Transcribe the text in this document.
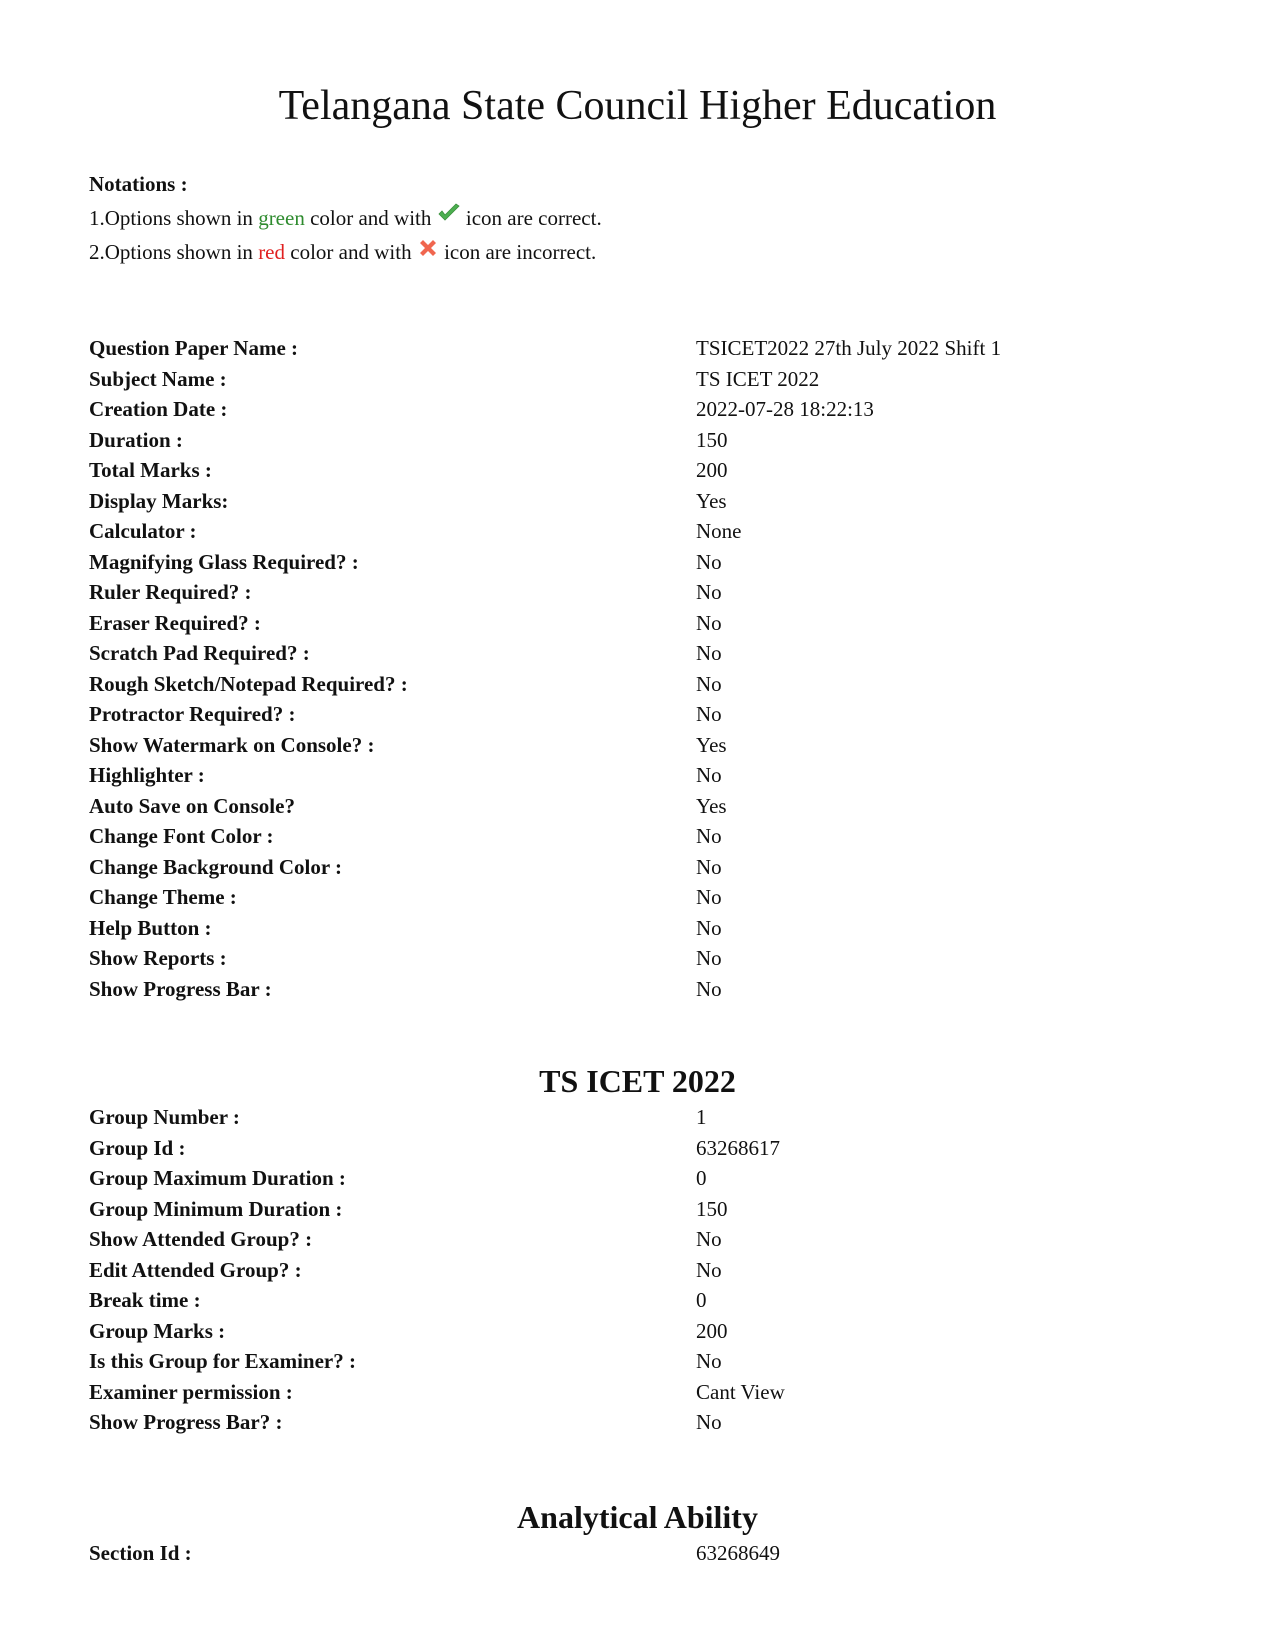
Telangana State Council Higher Education
Notations :
1.Options shown in green color and with  icon are correct.
2.Options shown in red color and with  icon are incorrect.
Question Paper Name :	TSICET2022 27th July 2022 Shift 1
Subject Name :	TS ICET 2022
Creation Date :	2022-07-28 18:22:13
Duration :	150
Total Marks :	200
Display Marks:	Yes
Calculator :	None
Magnifying Glass Required? :	No
Ruler Required? :	No
Eraser Required? :	No
Scratch Pad Required? :	No
Rough Sketch/Notepad Required? :	No
Protractor Required? :	No
Show Watermark on Console? :	Yes
Highlighter :	No
Auto Save on Console?	Yes
Change Font Color :	No
Change Background Color :	No
Change Theme :	No
Help Button :	No
Show Reports :	No
Show Progress Bar :	No
TS ICET 2022
Group Number :	1
Group Id :	63268617
Group Maximum Duration :	0
Group Minimum Duration :	150
Show Attended Group? :	No
Edit Attended Group? :	No
Break time :	0
Group Marks :	200
Is this Group for Examiner? :	No
Examiner permission :	Cant View
Show Progress Bar? :	No
Analytical Ability
Section Id :	63268649
